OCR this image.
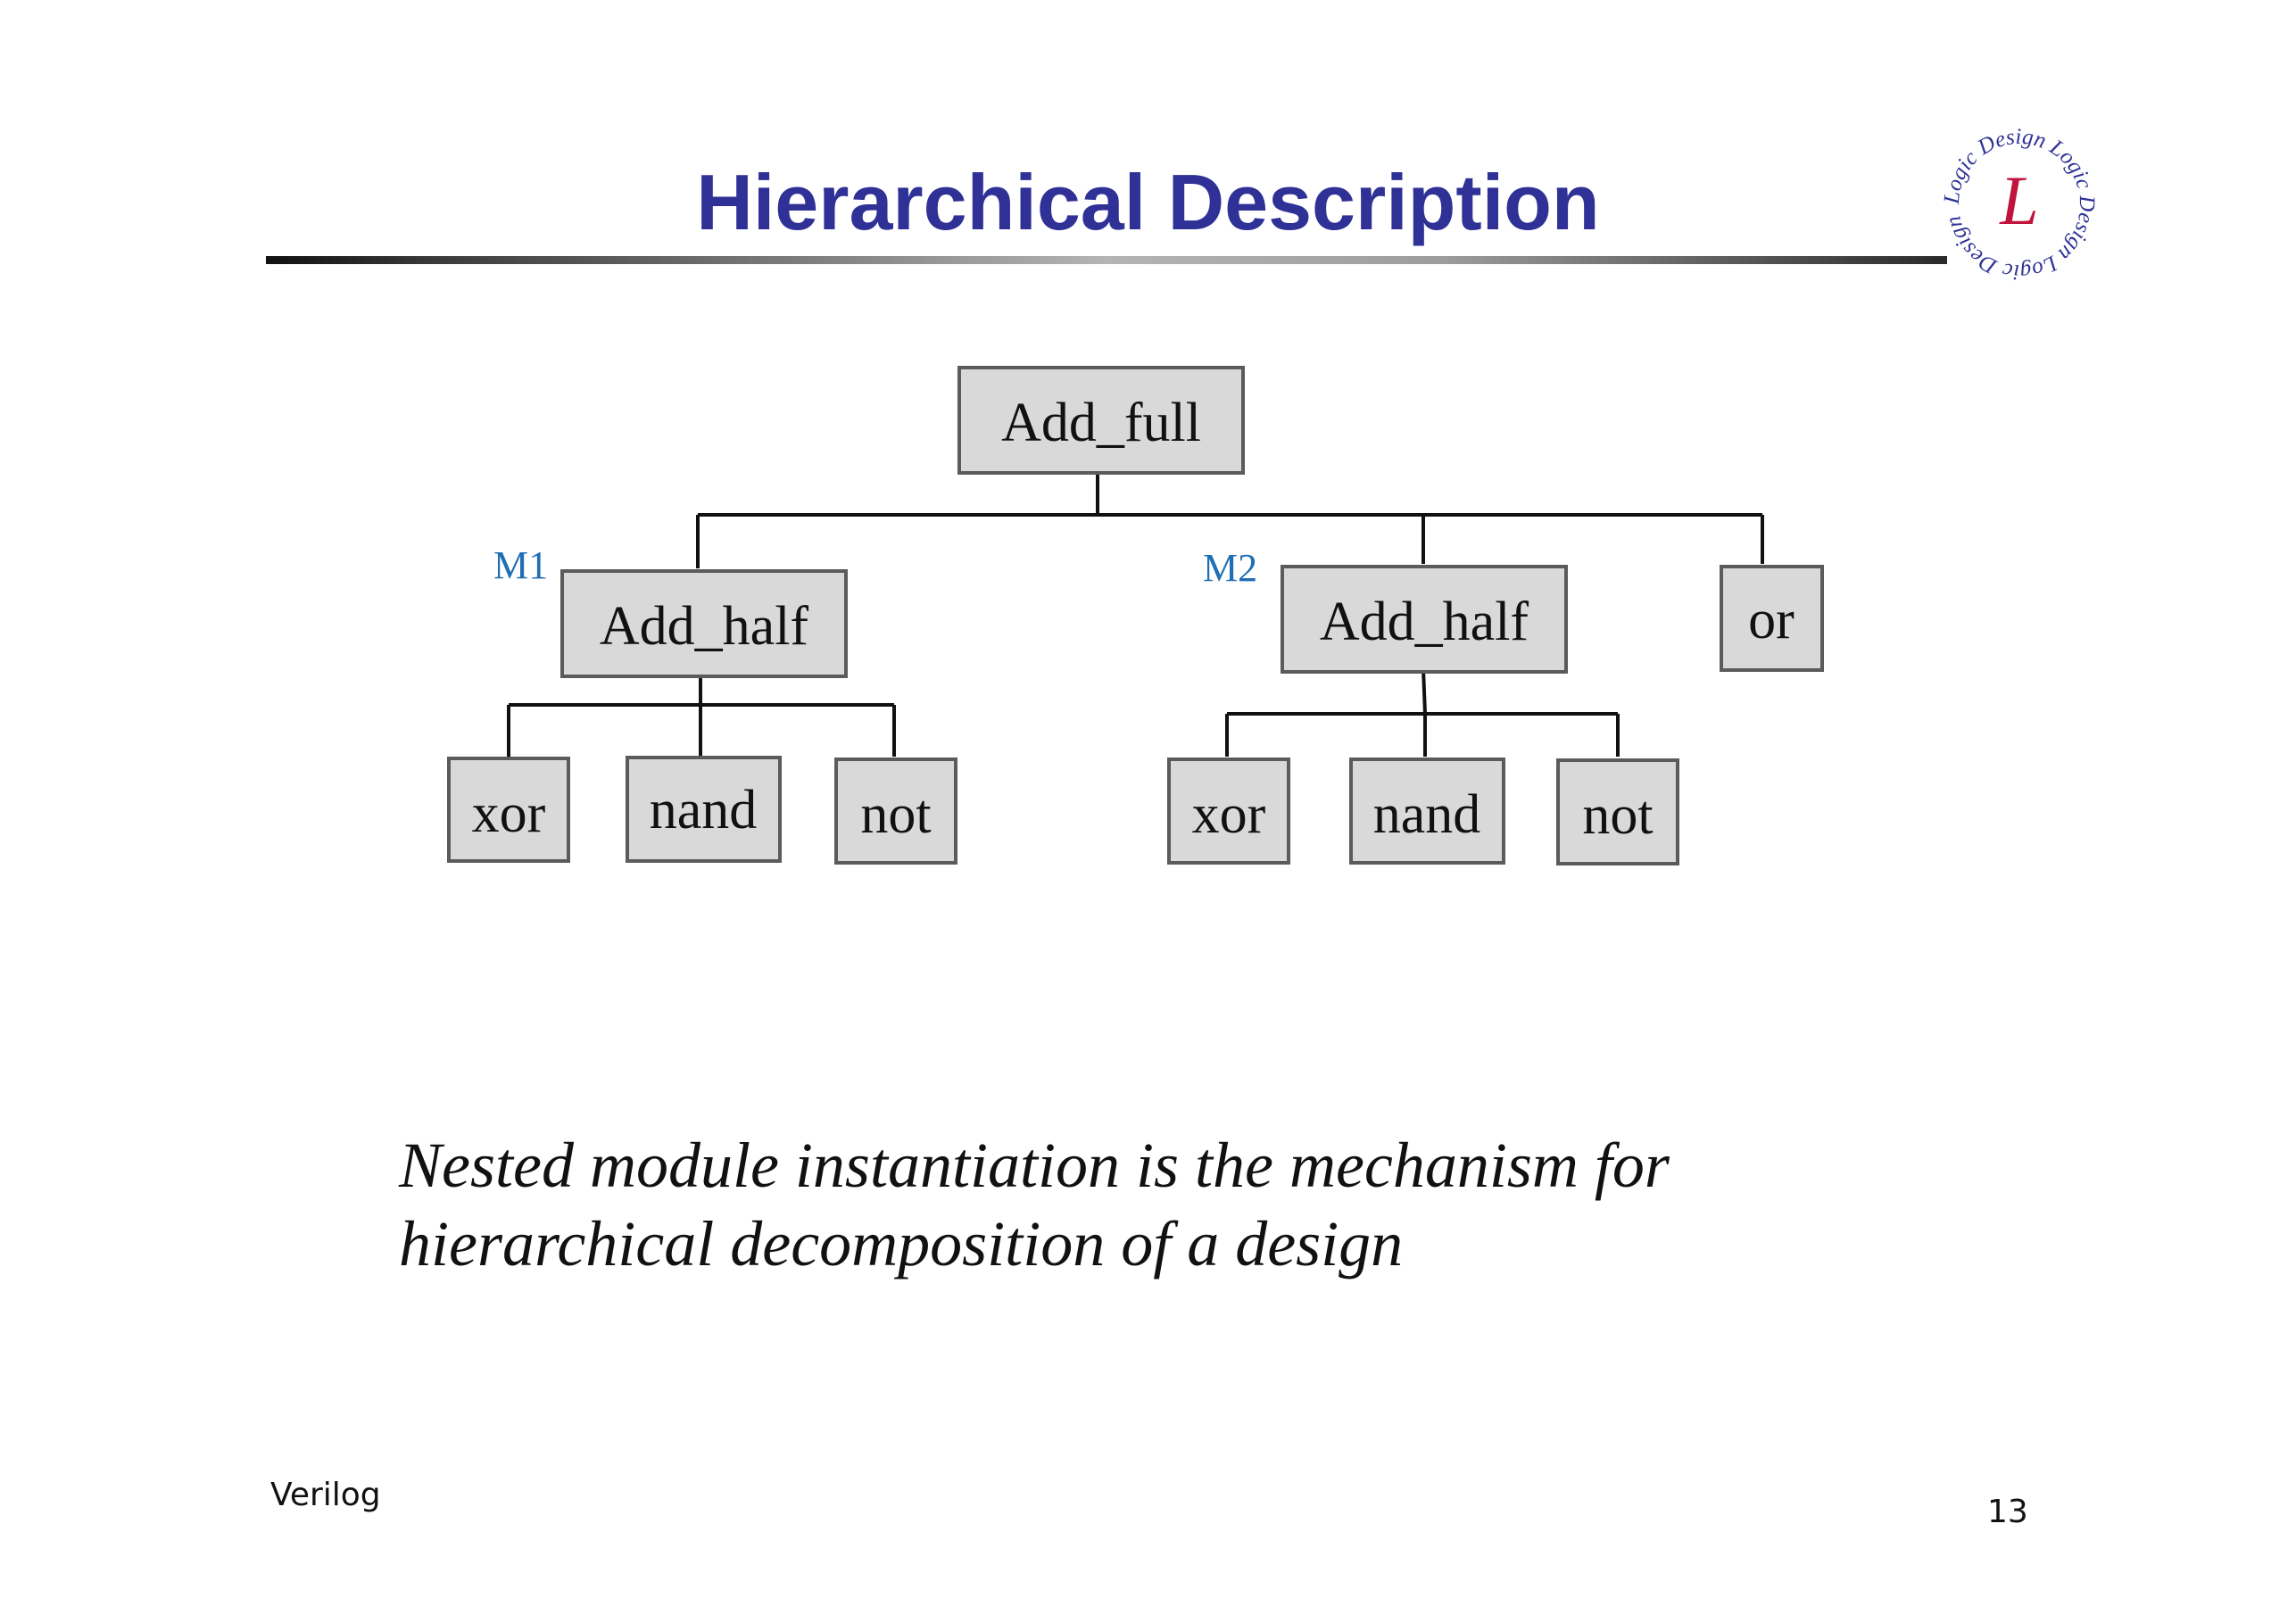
Hierarchical Description	Logic Design Logic Design Logic Design L
Add_full
M1
Add_half
M2
Add_half	or
xor nand not	xor nand not
Nested module instantiation is the mechanism for
hierarchical decomposition of a design
Verilog	13
